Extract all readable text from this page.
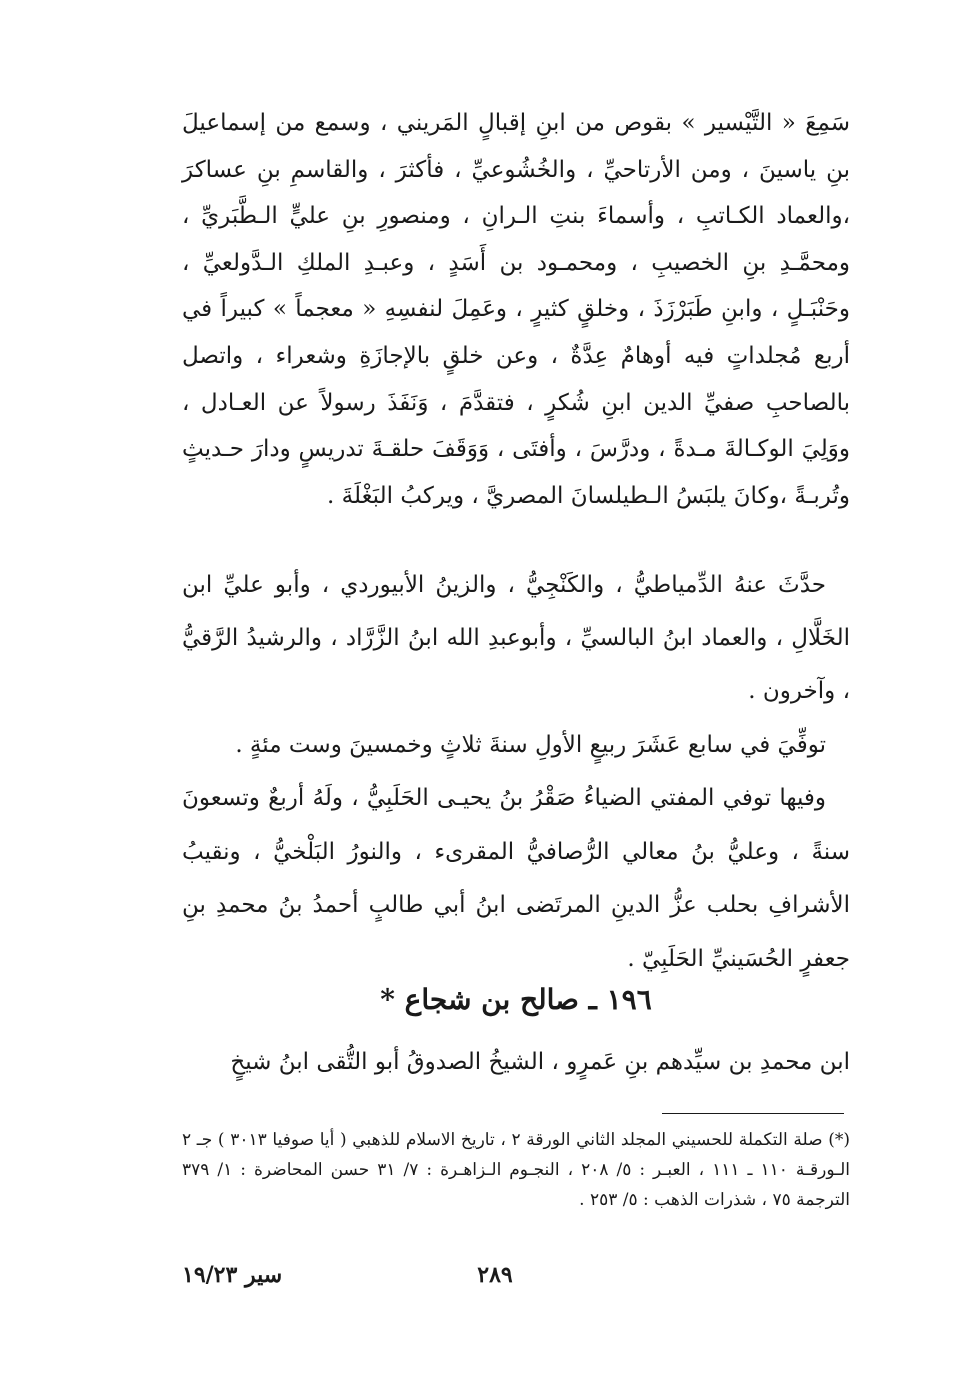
سَمِعَ « التَّيْسير » بقوص من ابنِ إقبالٍ المَريني ، وسمع من إسماعيلَ بنِ ياسينَ ، ومن الأرتاحيِّ ، والخُشُوعيِّ ، فأكثرَ ، والقاسمِ بنِ عساكرَ ،والعماد الكـاتبِ ، وأسماءَ بنتِ الـرانِ ، ومنصورِ بنِ عليٍّ الـطَّبَريِّ ، ومحمَّـدِ بنِ الخصيبِ ، ومحمـود بن أَسَدٍ ، وعبـدِ الملكِ الـدَّولعيِّ ، وحَنْبَـلٍ ، وابنِ طَبَرْزَذَ ، وخلقٍ كثيرٍ ، وعَمِلَ لنفسِهِ « معجماً » كبيراً في أربع مُجلداتٍ فيه أوهامٌ عِدَّةٌ ، وعن خلقٍ بالإجازَةِ وشعراء ، واتصل بالصاحبِ صفيِّ الدين ابنِ شُكرٍ ، فتقدَّمَ ، وَنَفَذَ رسولاً عن العـادل ، ووَلِيَ الوكـالةَ مـدةً ، ودرَّسَ ، وأفتَى ، وَوَقَفَ حلقـةَ تدريسٍ ودارَ حـديثٍ وتُربـةً ،وكانَ يلبَسُ الـطيلسانَ المصريَّ ، ويركبُ البَغْلَةَ .
حدَّثَ عنهُ الدِّمياطيُّ ، والكَنْجِيُّ ، والزينُ الأبيوردي ، وأبو عليِّ ابن الخَلَّالِ ، والعماد ابنُ البالسيِّ ، وأبوعبدِ الله ابنُ الزَّرَّاد ، والرشيدُ الرَّقيُّ ، وآخرون .
توفِّيَ في سابع عَشَرَ ربيعٍ الأولِ سنةَ ثلاثٍ وخمسينَ وست مئةٍ .
وفيها توفي المفتي الضياءُ صَقْرُ بنُ يحيـى الحَلَبِيُّ ، ولَهُ أربعٌ وتسعونَ سنةً ، وعليُّ بنُ معالي الرُّصافيُّ المقرىء ، والنورُ البَلْخيُّ ، ونقيبُ الأشرافِ بحلب عزُّ الدينِ المرتَضى ابنُ أبي طالبٍ أحمدُ بنُ محمدِ بنِ جعفرٍ الحُسَينيِّ الحَلَبِيّ .
١٩٦ ـ صالح بن شجاع *
ابن محمدِ بن سيِّدهم بنِ عَمرٍو ، الشيخُ الصدوقُ أبو التُّقى ابنُ شيخٍ
(*) صلة التكملة للحسيني المجلد الثاني الورقة ٢ ، تاريخ الاسلام للذهبي ( أيا صوفيا ٣٠١٣ ) جـ ٢ الـورقـة ١١٠ ـ ١١١ ، العبـر : ٥/ ٢٠٨ ، النجـوم الـزاهـرة : ٧/ ٣١ حسن المحاضرة : ١/ ٣٧٩ الترجمة ٧٥ ، شذرات الذهب : ٥/ ٢٥٣ .
٢٨٩
سير ١٩/٢٣
